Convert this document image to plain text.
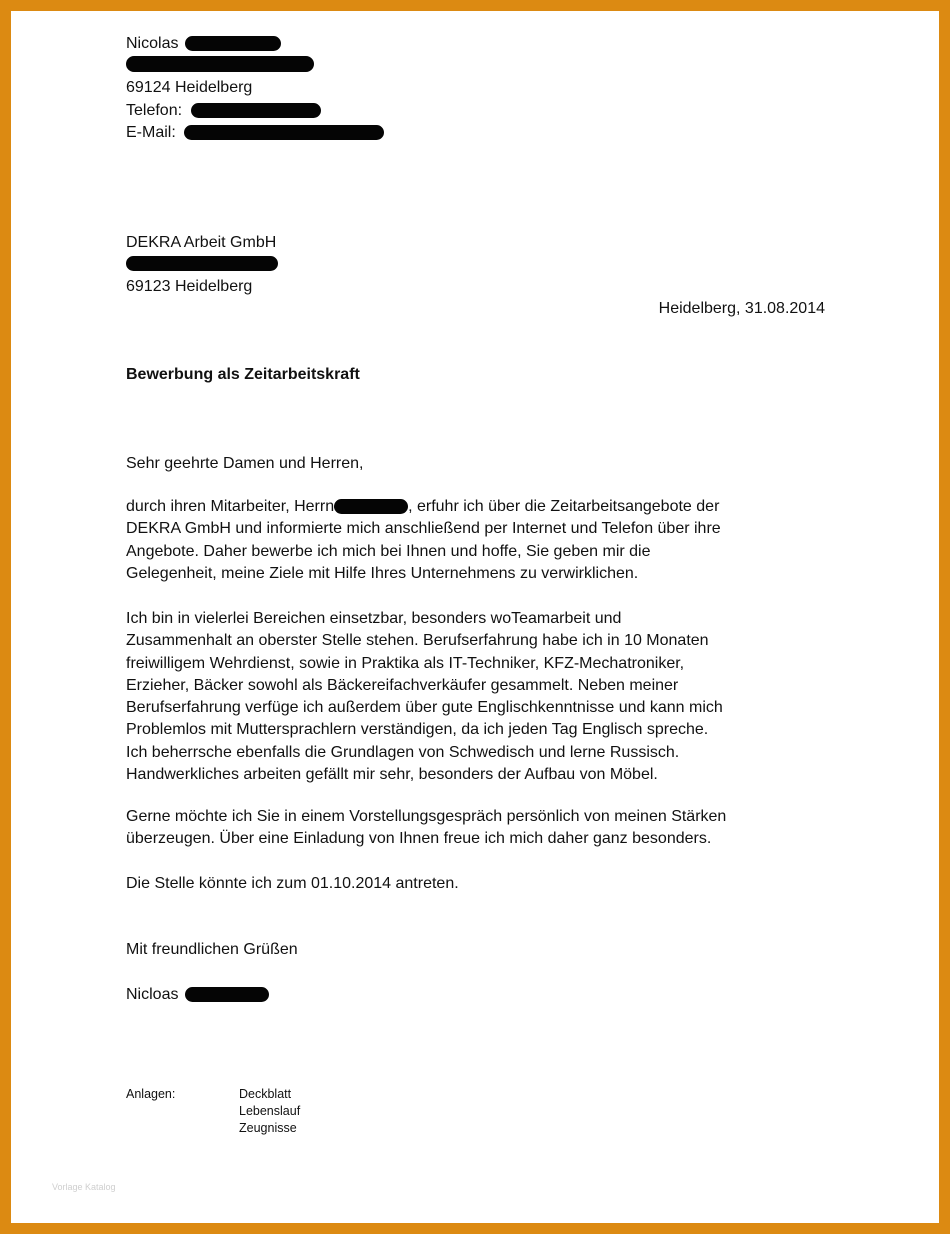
Nicolas
69124 Heidelberg
Telefon:
E-Mail:
DEKRA Arbeit GmbH
69123 Heidelberg
Heidelberg, 31.08.2014
Bewerbung als Zeitarbeitskraft
Sehr geehrte Damen und Herren,
durch ihren Mitarbeiter, Herrn	, erfuhr ich über die Zeitarbeitsangebote der
DEKRA GmbH und informierte mich anschließend per Internet und Telefon über ihre
Angebote. Daher bewerbe ich mich bei Ihnen und hoffe, Sie geben mir die
Gelegenheit, meine Ziele mit Hilfe Ihres Unternehmens zu verwirklichen.
Ich bin in vielerlei Bereichen einsetzbar, besonders woTeamarbeit und
Zusammenhalt an oberster Stelle stehen. Berufserfahrung habe ich in 10 Monaten
freiwilligem Wehrdienst, sowie in Praktika als IT-Techniker, KFZ-Mechatroniker,
Erzieher, Bäcker sowohl als Bäckereifachverkäufer gesammelt. Neben meiner
Berufserfahrung verfüge ich außerdem über gute Englischkenntnisse und kann mich
Problemlos mit Muttersprachlern verständigen, da ich jeden Tag Englisch spreche.
Ich beherrsche ebenfalls die Grundlagen von Schwedisch und lerne Russisch.
Handwerkliches arbeiten gefällt mir sehr, besonders der Aufbau von Möbel.
Gerne möchte ich Sie in einem Vorstellungsgespräch persönlich von meinen Stärken
überzeugen. Über eine Einladung von Ihnen freue ich mich daher ganz besonders.
Die Stelle könnte ich zum 01.10.2014 antreten.
Mit freundlichen Grüßen
Nicloas
Anlagen:	Deckblatt
Lebenslauf
Zeugnisse
Vorlage Katalog
